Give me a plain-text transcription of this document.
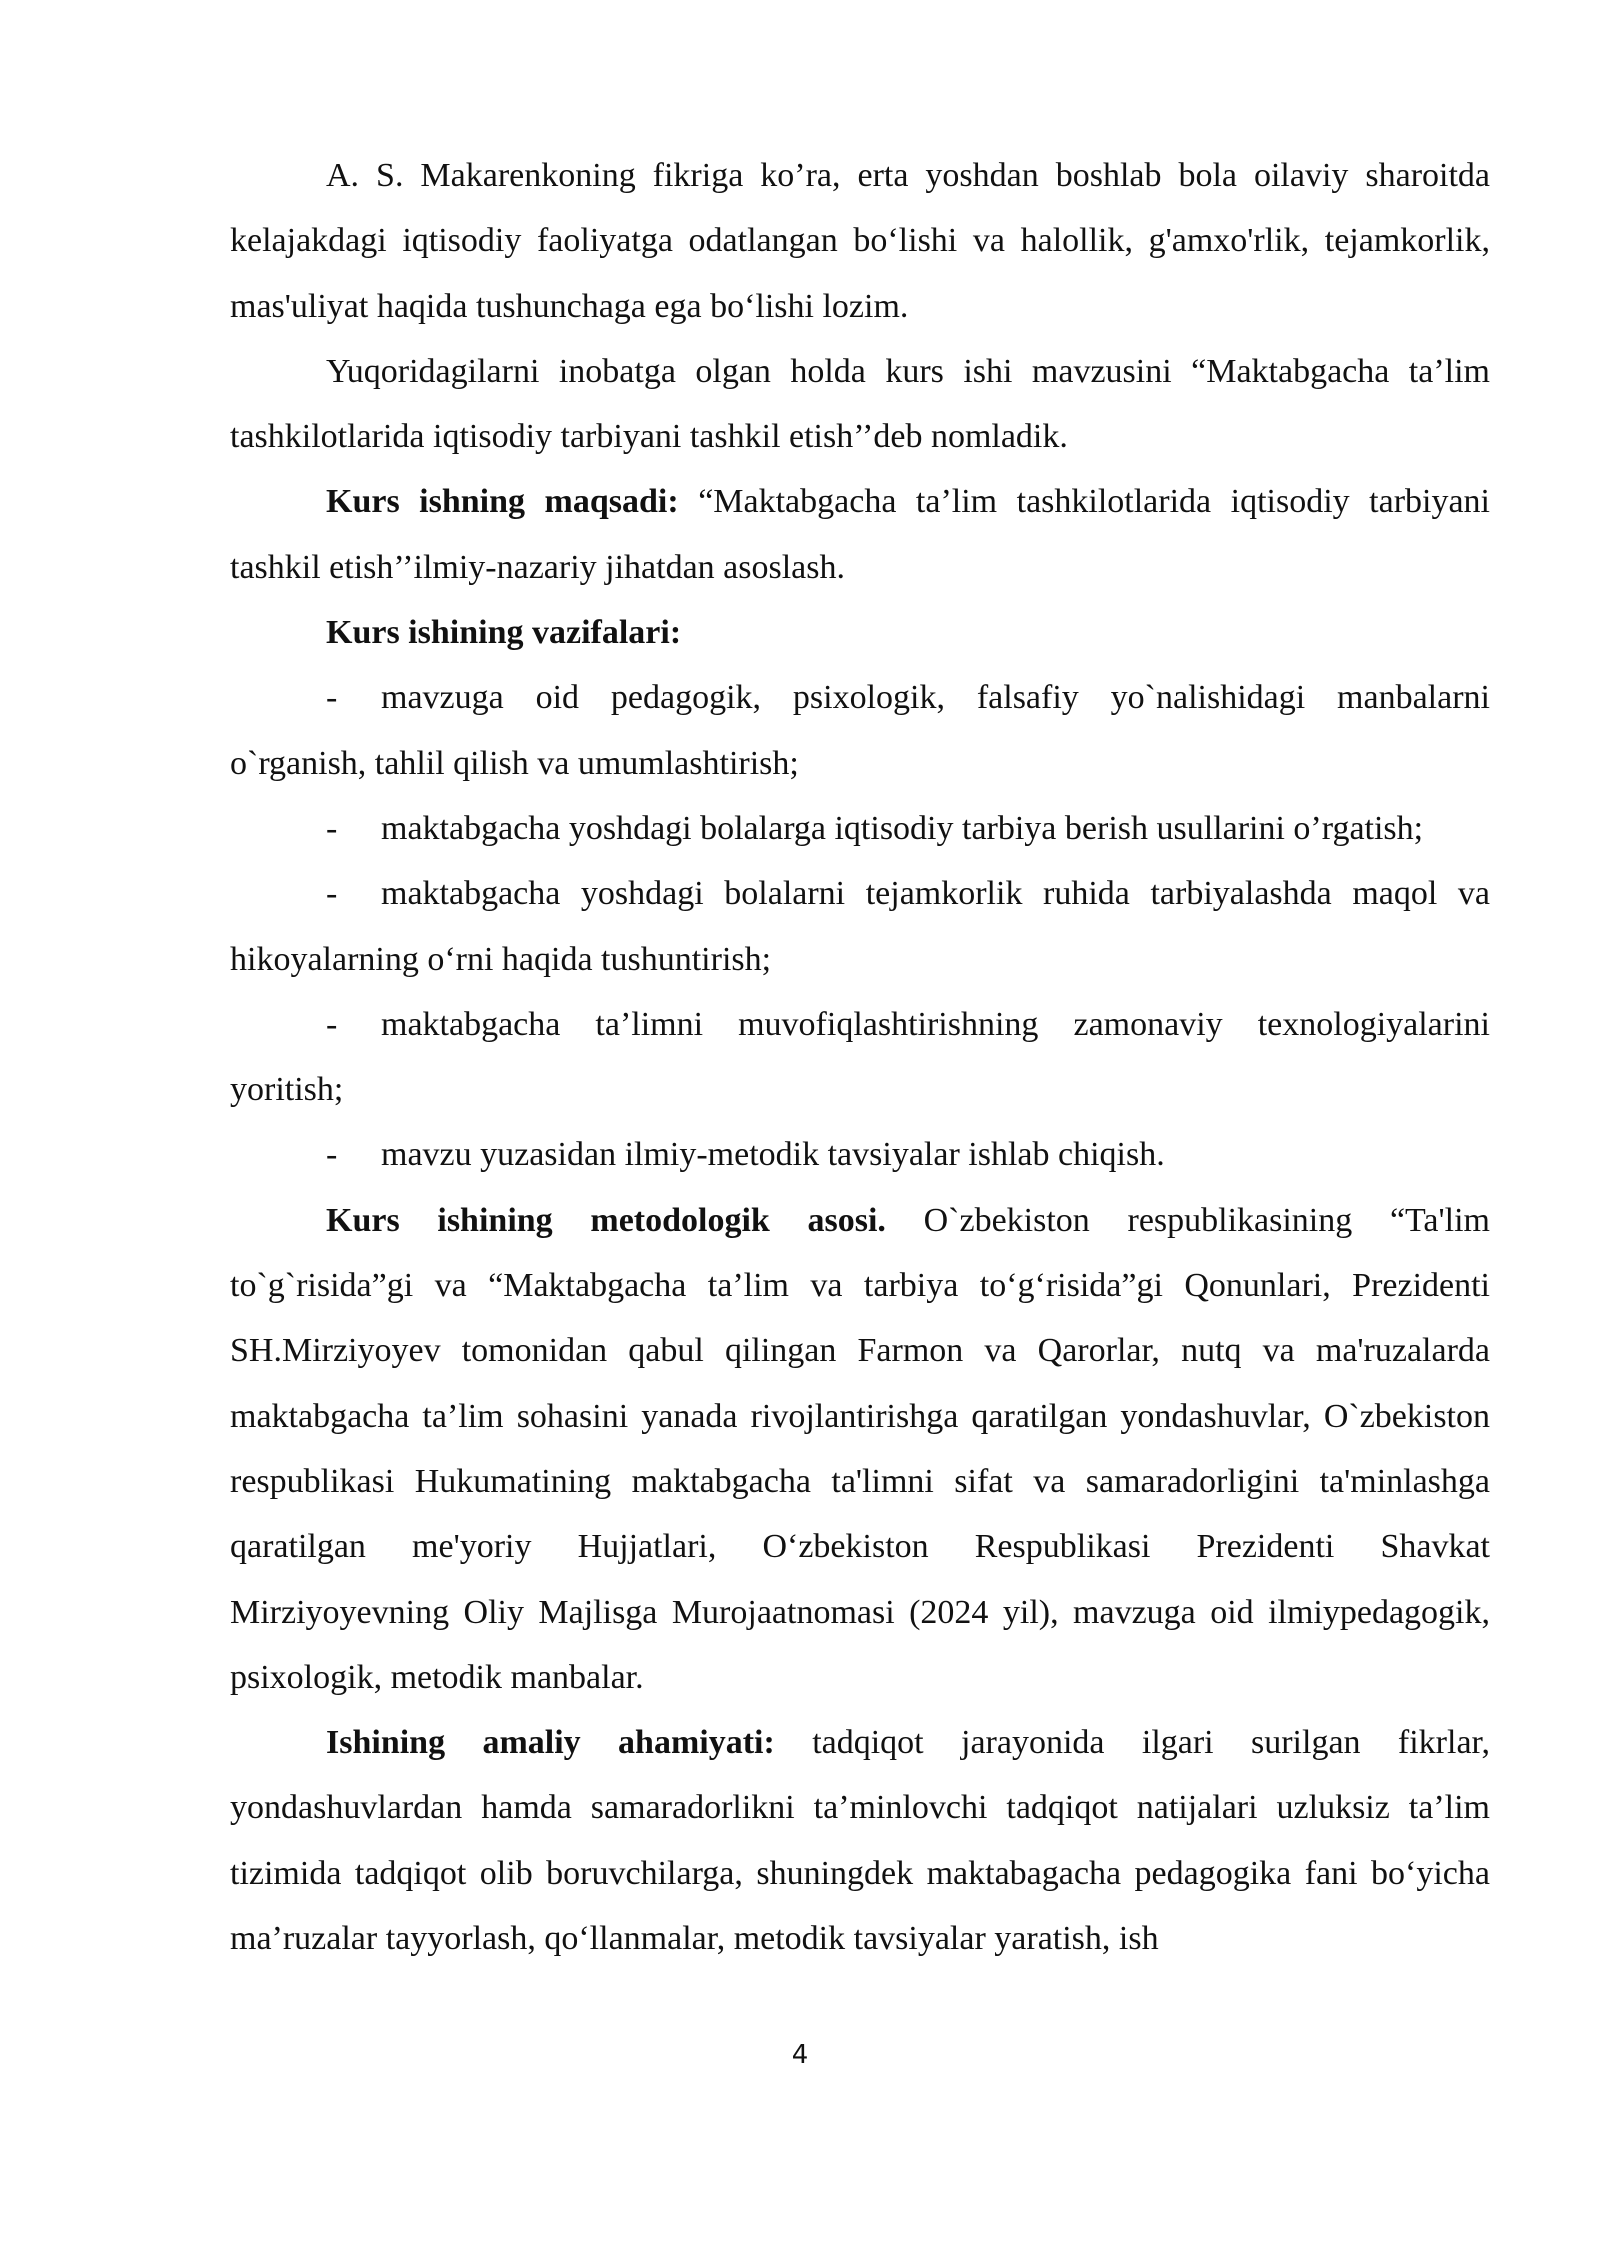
A. S. Makarenkoning fikriga ko’ra, erta yoshdan boshlab bola oilaviy sharoitda kelajakdagi iqtisodiy faoliyatga odatlangan bo‘lishi va halollik, g'amxo'rlik, tejamkorlik, mas'uliyat haqida tushunchaga ega bo‘lishi lozim.

Yuqoridagilarni inobatga olgan holda kurs ishi mavzusini “Maktabgacha ta’lim tashkilotlarida iqtisodiy tarbiyani tashkil etish’’deb nomladik.

Kurs ishning maqsadi: “Maktabgacha ta’lim tashkilotlarida iqtisodiy tarbiyani tashkil etish’’ilmiy-nazariy jihatdan asoslash.

Kurs ishining vazifalari:

- mavzuga oid pedagogik, psixologik, falsafiy yo`nalishidagi manbalarni o`rganish, tahlil qilish va umumlashtirish;

- maktabgacha yoshdagi bolalarga iqtisodiy tarbiya berish usullarini o’rgatish;

- maktabgacha yoshdagi bolalarni tejamkorlik ruhida tarbiyalashda maqol va hikoyalarning o‘rni haqida tushuntirish;

- maktabgacha ta’limni muvofiqlashtirishning zamonaviy texnologiyalarini yoritish;

- mavzu yuzasidan ilmiy-metodik tavsiyalar ishlab chiqish.

Kurs ishining metodologik asosi. O`zbekiston respublikasining “Ta'lim to`g`risida”gi va “Maktabgacha ta’lim va tarbiya to‘g‘risida”gi Qonunlari, Prezidenti SH.Mirziyoyev tomonidan qabul qilingan Farmon va Qarorlar, nutq va ma'ruzalarda maktabgacha ta’lim sohasini yanada rivojlantirishga qaratilgan yondashuvlar, O`zbekiston respublikasi Hukumatining maktabgacha ta'limni sifat va samaradorligini ta'minlashga qaratilgan me'yoriy Hujjatlari, O‘zbekiston Respublikasi Prezidenti Shavkat Mirziyoyevning Oliy Majlisga Murojaatnomasi (2024 yil), mavzuga oid ilmiypedagogik, psixologik, metodik manbalar.

Ishining amaliy ahamiyati: tadqiqot jarayonida ilgari surilgan fikrlar, yondashuvlardan hamda samaradorlikni ta’minlovchi tadqiqot natijalari uzluksiz ta’lim tizimida tadqiqot olib boruvchilarga, shuningdek maktabagacha pedagogika fani bo‘yicha ma’ruzalar tayyorlash, qo‘llanmalar, metodik tavsiyalar yaratish, ish

4
